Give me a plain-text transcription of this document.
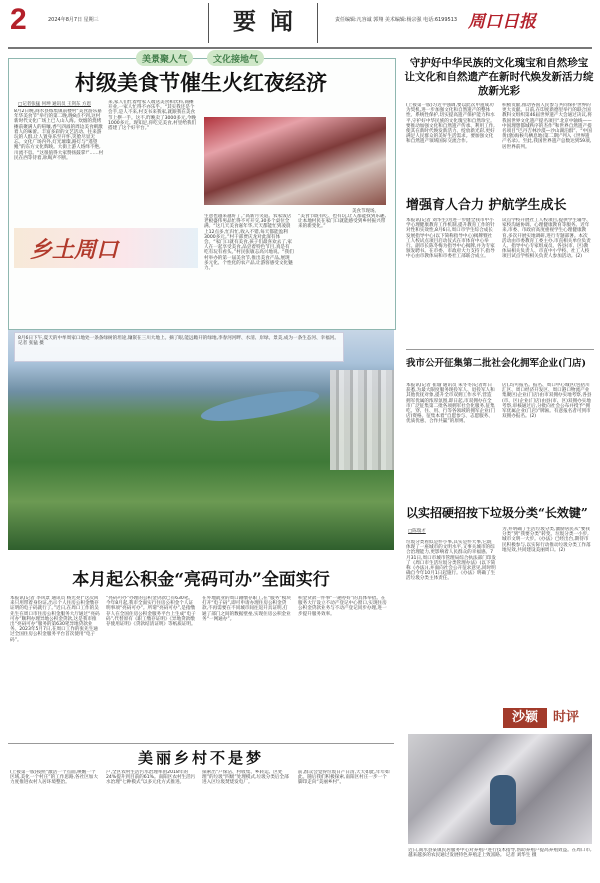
2	2024年8月7日 星期三	要闻	责任编辑:凡容诚 郭翔 美术编辑:杨宗强 电话:6199513 周口日报
美景聚人气	文化接地气
村级美食节催生火红夜经济
□记者张猛 何坤 通讯员 王剑东 方恩
8月2日晚,商水县练集镇前楼村“美食游乐嘉年华美食节”举行的第二晚,晚8点不到,这村新时代文化广场上已人山人海。炊烟的烧烤摊前聚满人的喧嚷,香气四溢的周边美食刺激着人的味蕾。丰富多彩的文艺活动、往来游玩的人群,让人置身乐至开怀,笑脸尽显无忘。文化广场内外,灯光璀璨,路灯与“遥望鲲”的东方文化辉映。大街上游人络绎不绝,川流不息。“这很值得大家赞扬鼓掌!”……村民在西等待着,吆喝声不断。
来,家人们忙着给家人端送美食和饮料,商摊开业,一家人忙得不亦乐乎。“其实我还是个会手,是人不来,村支书来我家,就跟我在美食节上摆一手。这不,昨晚卖了3000多元,今晚1000多元。现知足,你吃完美食,村里给我们搭建了这个好平台。”
美食节现场。
生意也越来越好了。”高新月笑道。农家饭店老板盛伟男品忙得不可开交,30多个桌位全满。“这几天美食嘉年华,天天都能忙到凌晨上12点多,忙归忙,收入不错,每天都能盈利3000多元。”村干部贾庆龙对此深有体会。“家门口就有美食,孩子们最喜欢去了,家人在一起享受美食,品尝着特色节目,真是有吃有玩有看头。”村民张敏志高兴地说。“我们村举办的第一届美食节,推出美食产品,展现多元化、个性化的农产品,让游客感受文化魅力。”
“美食节既有吃、也有玩,让人都能找到乐趣,让本地村民在家门口就能感受到乡村振兴带来的新变化。”
乡土周口
8月6日下午,夏天的中牟周家口地处一条条绿树的坦途,镶嵌在三川大地上。摘了眼,能远瞻开的绿地,李春河河畔、水清、岸绿、景美,成为一条生态河、幸福河。 记者 张猛 摄
本月起公积金“亮码可办”全面实行
本报讯(记者 李风景 通讯员 杨光亮)“这次回来只用带着身份证,出示个人住房公积金缴存证明的电子码就行了。”近日,在周口工作的吴先生在周口市住房公积金服务大厅通过“亮码可办”顺利办理异地公积金贷款,这是我市推出“亮码可办”服务的第630笔异地贷款业务。2023年5月7日,在周口工作的张先生通过全国住房公积金服务平台首次使用“电子码”。
“亮码可办”办理的公积金贷款已有630笔。今年8月起,我市全面实行住房公积金个人证明事项“亮码可办”。所谓“亮码可办”,是指缴存人在全国住房公积金服务平台上生成“电子码”,代替原有《职工缴存证明》《异地贷款缴存使用证明》《贷款结清证明》等纸质证明。
在外地就业的周口籍缴存职工,在“服务”模块打开“电子码”,即可申请办理住房公积金贷款,不再需要在不同城市间往返开具证明,打通了部门之间的数据壁垒,实现住房公积金业务“一网通办”。
积金贷款一件事“一趟办好”的具体举措。在服务大厅设立不动产登记中心窗口,实现住房公积金贷款业务与不动产登记同步办理,进一步提升服务效率。
美丽乡村不是梦
(上接第一版)按照“激活一个点面,唤醒一个区域,美化一个村庄”的工作思路,各社区加大力度推进农村人居环境整治。
户,全区农村生活污水治理率由2018年的24%提升到目前的61%。南阳区农村生活污水治理“七种模式”以多元化方式推进。
探索出“户保洁、村收集、乡转运、区处理”的垃圾“四级”处理模式,垃圾分类后全部进入区垃圾焚烧发电厂。
前,群众会觉得垃圾日产日清,天天如此,年年如此。随后我们积极探索,南阳区村庄一步一个脚印走向“美丽乡村”。
守护好中华民族的文化瑰宝和自然珍宝 让文化和自然遗产在新时代焕发新活力绽放新光彩
(上接第一版)习近平强调,要以此次申遗成功为契机,进一步加强文化和自然遗产的整体性、系统性保护,切实提高遗产保护能力和水平,守护好中华民族的文化瑰宝和自然珍宝。要推动加强文化和自然遗产传承、利用工作,使其在新时代焕发新活力、绽放新光彩,更好满足人民群众的美好生活需求。要加强文化和自然遗产领域国际交流合作。
积极贡献,推动各国人民参与共同保护世界的更大贡献。日前,在印度新德里举行的联合国教科文组织第46届世界遗产大会通过决议,将我国世界文化遗产提名项目“北京中轴线——中国理想都城秩序的杰作”和世界自然遗产提名项目“巴丹吉林沙漠—沙山湖泊群”、“中国黄(渤)海候鸟栖息地(第二期)”列入《世界遗产名录》。至此,我国世界遗产总数达到59项,居世界前列。
增强育人合力 护航学生成长
本报讯(记者 刘华生)为进一步健全我市中小学心理健康教育工作机制,提升教育工作的针对性和实效性,8月6日,周口市学生综合成长发展指导中心(以下简称指导中心)揭牌暨社工人校试点项目启动仪式在市体育中心举行。副市长陈冬梅为指导中心揭牌,并为专家颁发聘书。在市委、市政府大力支持下,指导中心由市教体局和市委社工部联合成立。
试点学校开展社工人校项目,提供学生辅导、家校沟通协调、心理健康教育等服务。近年来,市委、市政府高度重视学生心理健康教育,多次开展实地调研,进行专题部署。本次活动由市委教育工委主办,市直相关单位负责人、指导中心专家组成员、各县(市、区)教体局相关负责人、市直中小学校、社工人校项目试点学校相关负责人参加活动。(2)
我市公开征集第二批社会化拥军企业(门店)
本报讯(记者 崔瑜 通讯员 朱冬冬)记者昨日获悉,为最大限度服务现役军人、退役军人和其他优抚对象,提升全市双拥工作水平,营造拥军优属的浓厚氛围,即日起,市双拥办在全市广泛征集第二批各项拥军社会化服务,征集吃、穿、住、用、行等各领域的拥军企业(门店)资格。征集本着“自愿参与、志愿服务、优质优惠、合作共赢”的原则。
店),均可报名。报名、周口中心城区(包括川汇区、周口经济开发区、周口港口物流产业集聚区)企业(门店)由市双拥办实地考察,各县(市、区)企业(门店)由县(市、区)双拥办实地考察,审核通过后,分批向社会公布并授予“拥军优属企业(门店)”牌匾。有意报名者可到市双拥办报名。(2)
以实招硬招按下垃圾分类“长效键”
□陈瑞才
垃圾分类看似是件小事,其实是件大事,它既体现了一座城市的文明水平,又事关城市的综合治理能力,更影响着人民群众的幸福感。7月31日,周口市城市管理局综合执法部门印发了《周口市生活垃圾分类管理办法》(以下简称《办法》),并面向社会公开征求意见,同时明确自今年10月1日起施行。《办法》明确了生活垃圾分类主体责任。
为,并明确了生活垃圾分类,激励居民从“要我分类”到“我要分类”转变。垃圾分类一小步,城市文明一大步。《办法》已经出台,期待市民积极参与,以实际行动推动垃圾分类工作落地见效,共同建设美丽周口。(2)
沙颍	时评
近日,商水县某镇民居服务中心对养殖户进行技术指导,帮助养殖户提高养殖效益。在周口市,越来越多的农民通过发展特色养殖走上致富路。 记者 刘华生 摄
